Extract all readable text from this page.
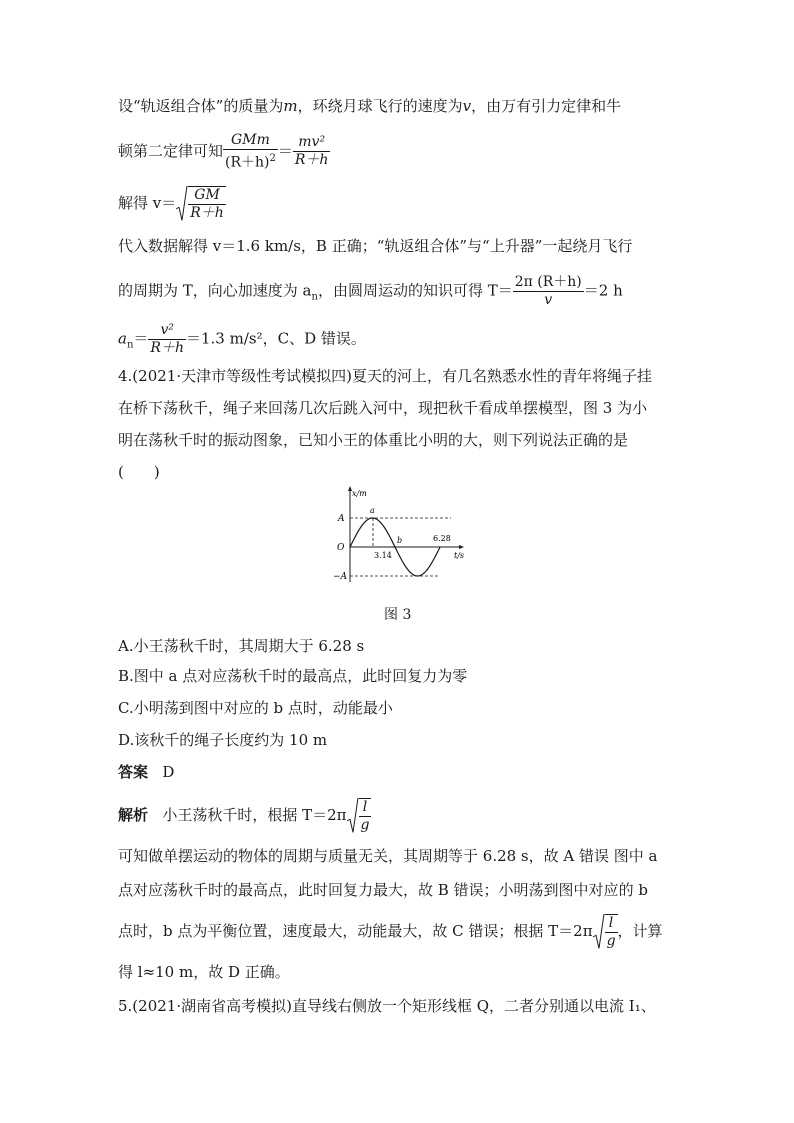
设“轨返组合体”的质量为m，环绕月球飞行的速度为v，由万有引力定律和牛
顿第二定律可知 $\frac{\text{GMm}}{(R+h)^2} = \frac{\text{mv²}}{R+h}$
解得 $v= \frac{GM}{R+h}$
代入数据解得 v＝1.6 km/s，B 正确；“轨返组合体”与“上升器”一起绕月飞行
的周期为 T，向心加速度为 $a_n$，由圆周运动的知识可得 $T= \frac{2\pi (R+h)}{v} =2$ h
$a_n= \frac{\text{v²}}{R+h} =1.3$ m/s²，C、D 错误。
4.(2021·天津市等级性考试模拟四)夏天的河上，有几名熟悉水性的青年将绳子挂
在桥下荡秋千，绳子来回荡几次后跳入河中，现把秋千看成单摆模型，图 3 为小
明在荡秋千时的振动图象，已知小王的体重比小明的大，则下列说法正确的是
(　　)
x/m
t/s
A
O
−A
a
b
3.14
6.28
图 3
A.小王荡秋千时，其周期大于 6.28 s
B.图中 a 点对应荡秋千时的最高点，此时回复力为零
C.小明荡到图中对应的 b 点时，动能最小
D.该秋千的绳子长度约为 10 m
答案 D
解析 小王荡秋千时，根据 $T=2\pi \frac{l}{g}$
可知做单摆运动的物体的周期与质量无关，其周期等于 6.28 s，故 A 错误 图中 a
点对应荡秋千时的最高点，此时回复力最大，故 B 错误；小明荡到图中对应的 b
点时，b 点为平衡位置，速度最大，动能最大，故 C 错误；根据 $T=2\pi \frac{l}{g}$ ，计算
得 l≈10 m，故 D 正确。
5.(2021·湖南省高考模拟)直导线右侧放一个矩形线框 Q，二者分别通以电流 I₁、
